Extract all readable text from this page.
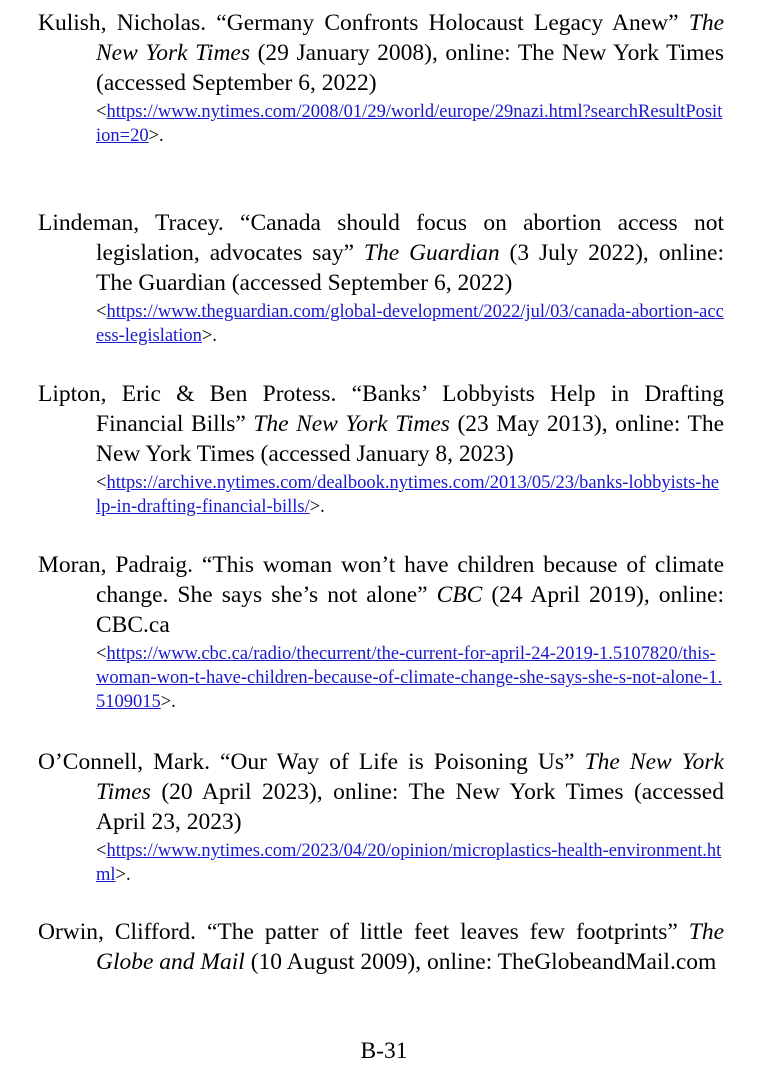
Kulish, Nicholas. “Germany Confronts Holocaust Legacy Anew” The New York Times (29 January 2008), online: The New York Times (accessed September 6, 2022)
<https://www.nytimes.com/2008/01/29/world/europe/29nazi.html?searchResultPosition=20>.
Lindeman, Tracey. “Canada should focus on abortion access not legislation, advocates say” The Guardian (3 July 2022), online: The Guardian (accessed September 6, 2022)
<https://www.theguardian.com/global-development/2022/jul/03/canada-abortion-access-legislation>.
Lipton, Eric & Ben Protess. “Banks’ Lobbyists Help in Drafting Financial Bills” The New York Times (23 May 2013), online: The New York Times (accessed January 8, 2023)
<https://archive.nytimes.com/dealbook.nytimes.com/2013/05/23/banks-lobbyists-help-in-drafting-financial-bills/>.
Moran, Padraig. “This woman won’t have children because of climate change. She says she’s not alone” CBC (24 April 2019), online: CBC.ca
<https://www.cbc.ca/radio/thecurrent/the-current-for-april-24-2019-1.5107820/this-woman-won-t-have-children-because-of-climate-change-she-says-she-s-not-alone-1.5109015>.
O’Connell, Mark. “Our Way of Life is Poisoning Us” The New York Times (20 April 2023), online: The New York Times (accessed April 23, 2023)
<https://www.nytimes.com/2023/04/20/opinion/microplastics-health-environment.html>.
Orwin, Clifford. “The patter of little feet leaves few footprints” The Globe and Mail (10 August 2009), online: TheGlobeandMail.com
B-31
